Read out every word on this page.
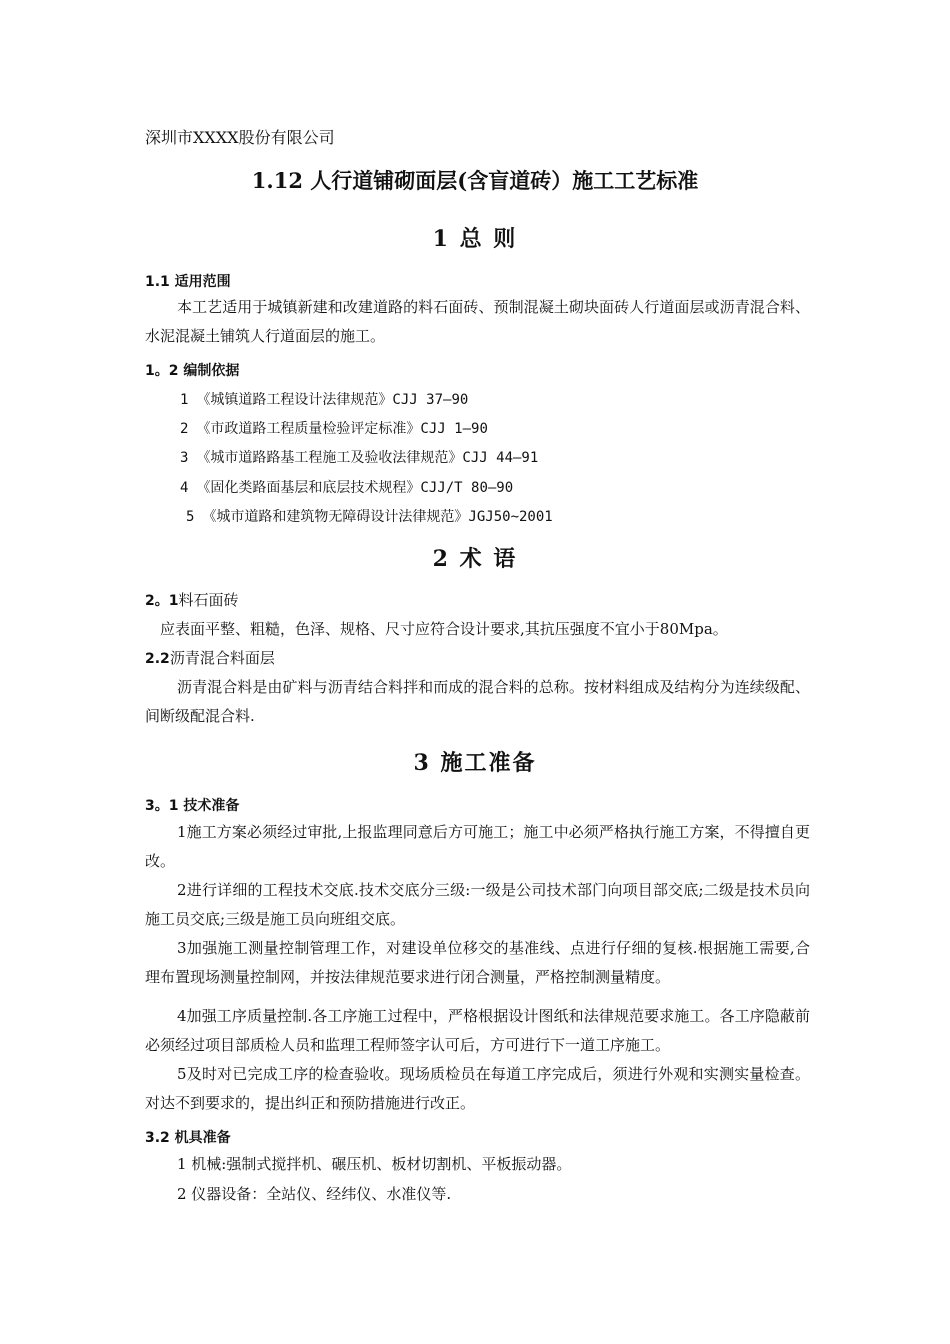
深圳市XXXX股份有限公司
1.12 人行道铺砌面层(含盲道砖）施工工艺标准
1 总 则
1.1 适用范围
本工艺适用于城镇新建和改建道路的料石面砖、预制混凝土砌块面砖人行道面层或沥青混合料、水泥混凝土铺筑人行道面层的施工。
1。2 编制依据
1 《城镇道路工程设计法律规范》CJJ 37—90
2 《市政道路工程质量检验评定标准》CJJ 1—90
3 《城市道路路基工程施工及验收法律规范》CJJ 44—91
4 《固化类路面基层和底层技术规程》CJJ/T 80—90
5 《城市道路和建筑物无障碍设计法律规范》JGJ50~2001
2 术 语
2。1料石面砖
应表面平整、粗糙，色泽、规格、尺寸应符合设计要求,其抗压强度不宜小于80Mpa。
2.2沥青混合料面层
沥青混合料是由矿料与沥青结合料拌和而成的混合料的总称。按材料组成及结构分为连续级配、间断级配混合料.
3 施工准备
3。1 技术准备
1施工方案必须经过审批,上报监理同意后方可施工；施工中必须严格执行施工方案，不得擅自更改。
2进行详细的工程技术交底.技术交底分三级:一级是公司技术部门向项目部交底;二级是技术员向施工员交底;三级是施工员向班组交底。
3加强施工测量控制管理工作，对建设单位移交的基准线、点进行仔细的复核.根据施工需要,合理布置现场测量控制网，并按法律规范要求进行闭合测量，严格控制测量精度。
4加强工序质量控制.各工序施工过程中，严格根据设计图纸和法律规范要求施工。各工序隐蔽前必须经过项目部质检人员和监理工程师签字认可后，方可进行下一道工序施工。
5及时对已完成工序的检查验收。现场质检员在每道工序完成后，须进行外观和实测实量检查。对达不到要求的，提出纠正和预防措施进行改正。
3.2 机具准备
1 机械:强制式搅拌机、碾压机、板材切割机、平板振动器。
2 仪器设备：全站仪、经纬仪、水准仪等.
